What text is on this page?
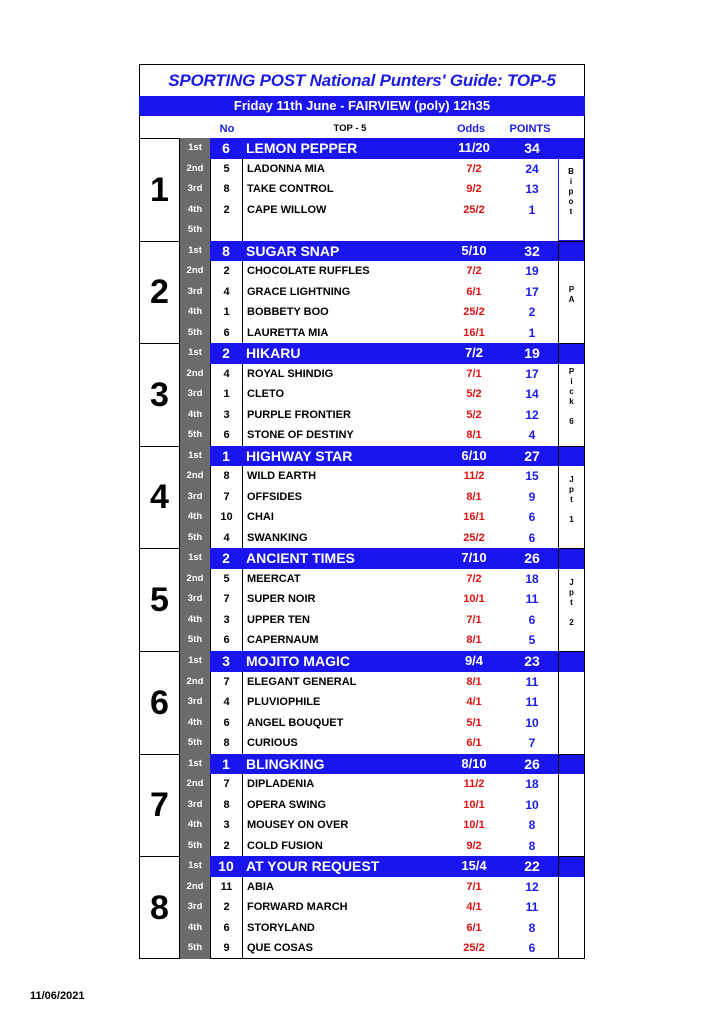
SPORTING POST National Punters' Guide: TOP-5
Friday 11th June - FAIRVIEW (poly) 12h35
No	TOP - 5	Odds	POINTS
1
1st	6	LEMON PEPPER	11/20	34
2nd	5	LADONNA MIA	7/2	24
3rd	8	TAKE CONTROL	9/2	13
4th	2	CAPE WILLOW	25/2	1
5th
B
i
p
o
t
2
1st	8	SUGAR SNAP	5/10	32
2nd	2	CHOCOLATE RUFFLES	7/2	19
3rd	4	GRACE LIGHTNING	6/1	17
4th	1	BOBBETY BOO	25/2	2
5th	6	LAURETTA MIA	16/1	1
P
A
3
1st	2	HIKARU	7/2	19
2nd	4	ROYAL SHINDIG	7/1	17
3rd	1	CLETO	5/2	14
4th	3	PURPLE FRONTIER	5/2	12
5th	6	STONE OF DESTINY	8/1	4
P
i
c
k

6
4
1st	1	HIGHWAY STAR	6/10	27
2nd	8	WILD EARTH	11/2	15
3rd	7	OFFSIDES	8/1	9
4th	10	CHAI	16/1	6
5th	4	SWANKING	25/2	6
J
p
t

1
5
1st	2	ANCIENT TIMES	7/10	26
2nd	5	MEERCAT	7/2	18
3rd	7	SUPER NOIR	10/1	11
4th	3	UPPER TEN	7/1	6
5th	6	CAPERNAUM	8/1	5
J
p
t

2
6
1st	3	MOJITO MAGIC	9/4	23
2nd	7	ELEGANT GENERAL	8/1	11
3rd	4	PLUVIOPHILE	4/1	11
4th	6	ANGEL BOUQUET	5/1	10
5th	8	CURIOUS	6/1	7
7
1st	1	BLINGKING	8/10	26
2nd	7	DIPLADENIA	11/2	18
3rd	8	OPERA SWING	10/1	10
4th	3	MOUSEY ON OVER	10/1	8
5th	2	COLD FUSION	9/2	8
8
1st	10 AT YOUR REQUEST	15/4	22
2nd	11	ABIA	7/1	12
3rd	2	FORWARD MARCH	4/1	11
4th	6	STORYLAND	6/1	8
5th	9	QUE COSAS	25/2	6
11/06/2021
